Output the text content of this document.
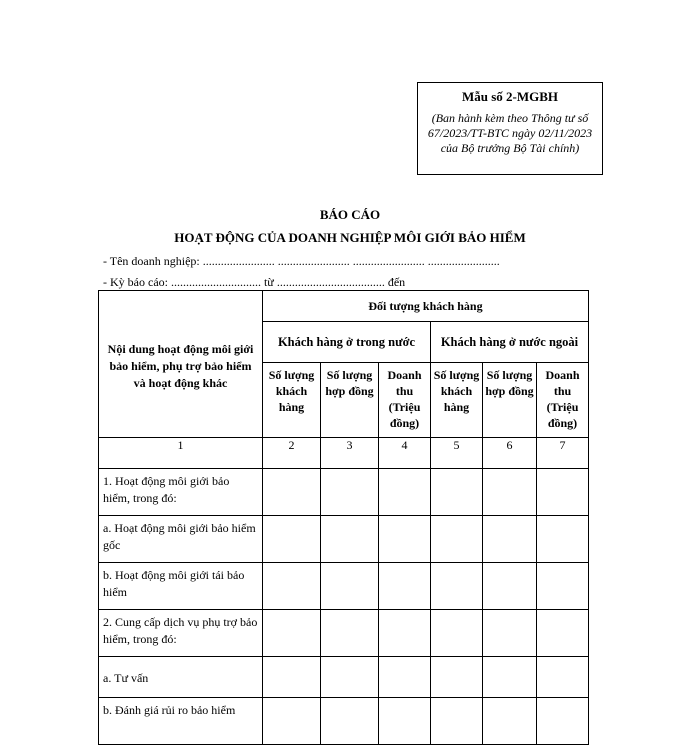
Mẫu số 2-MGBH
(Ban hành kèm theo Thông tư số 67/2023/TT-BTC ngày 02/11/2023 của Bộ trưởng Bộ Tài chính)
BÁO CÁO
HOẠT ĐỘNG CỦA DOANH NGHIỆP MÔI GIỚI BẢO HIỂM
- Tên doanh nghiệp: ........................ ........................ ........................ ........................
- Kỳ báo cáo: .............................. từ .................................... đến
Nội dung hoạt động môi giới bảo hiểm, phụ trợ bảo hiểm và hoạt động khác	Đối tượng khách hàng					
	Khách hàng ở trong nước			Khách hàng ở nước ngoài		
	Số lượng khách hàng	Số lượng hợp đồng	Doanh thu (Triệu đồng)	Số lượng khách hàng	Số lượng hợp đồng	Doanh thu (Triệu đồng)
1	2	3	4	5	6	7
1. Hoạt động môi giới bảo hiểm, trong đó:						
a. Hoạt động môi giới bảo hiểm gốc						
b. Hoạt động môi giới tái bảo hiểm						
2. Cung cấp dịch vụ phụ trợ bảo hiểm, trong đó:						
a. Tư vấn						
b. Đánh giá rủi ro bảo hiểm						
